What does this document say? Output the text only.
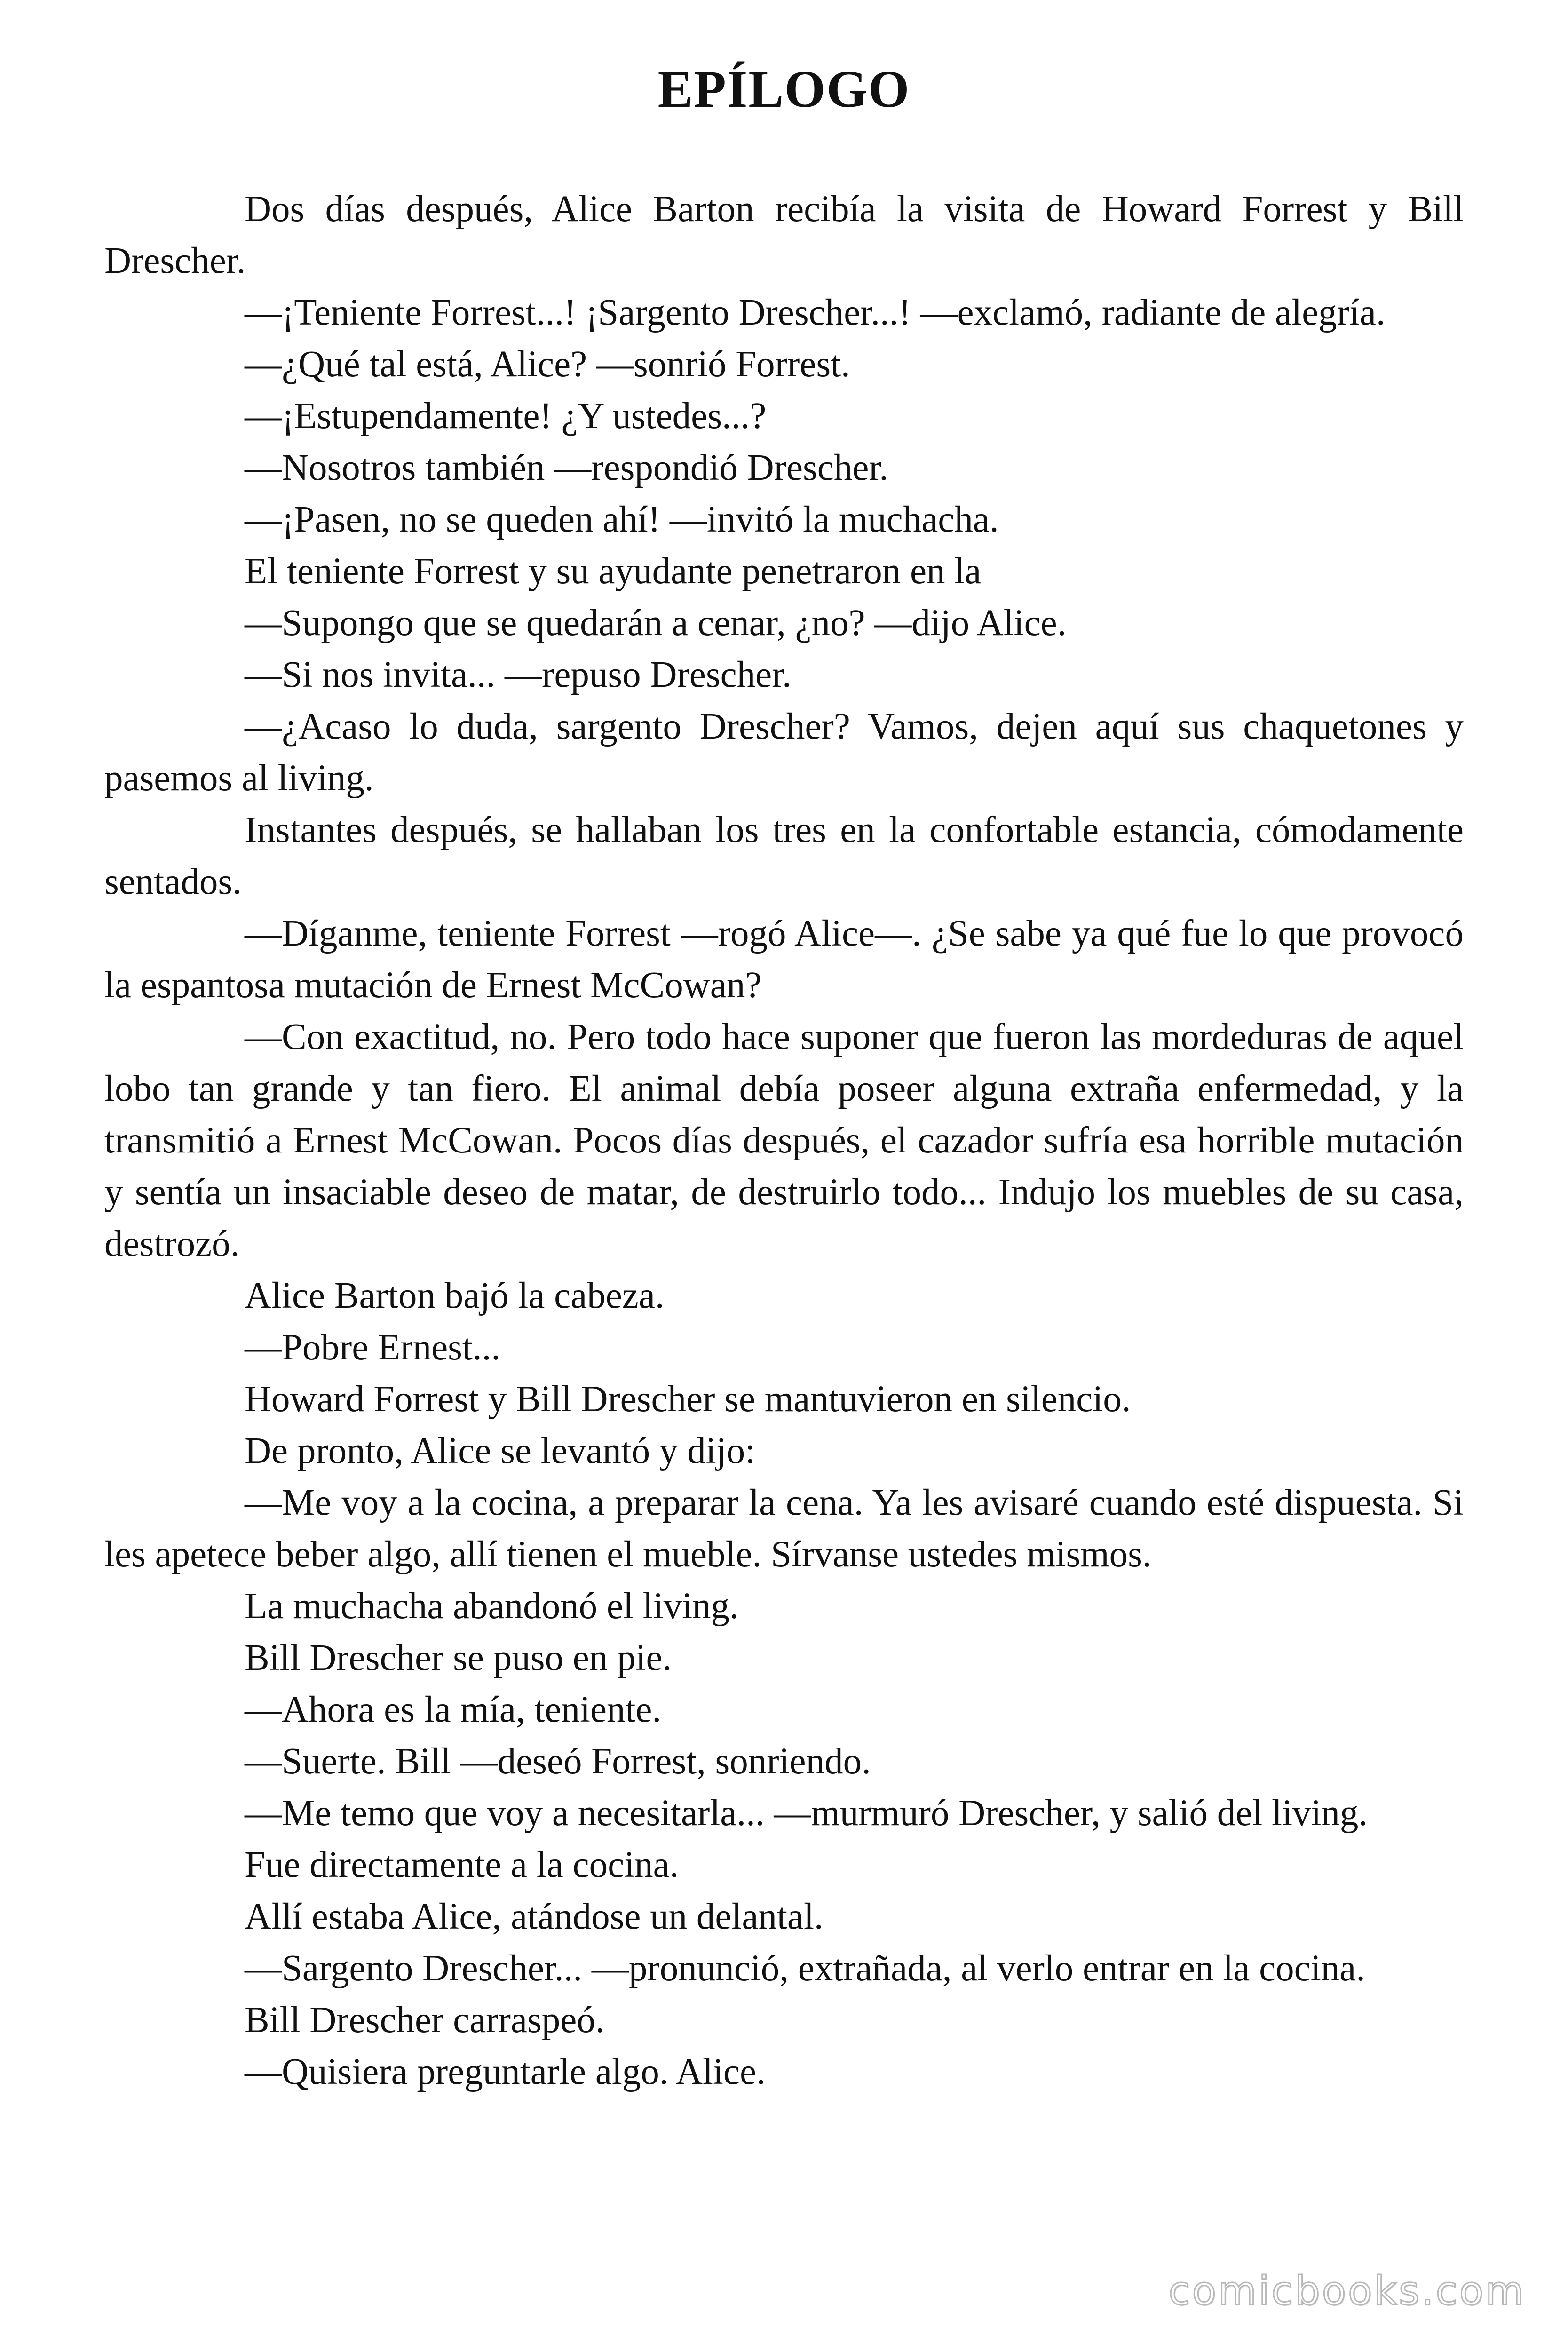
EPÍLOGO

Dos días después, Alice Barton recibía la visita de Howard Forrest y Bill Drescher.

—¡Teniente Forrest...! ¡Sargento Drescher...! —exclamó, radiante de alegría.

—¿Qué tal está, Alice? —sonrió Forrest.

—¡Estupendamente! ¿Y ustedes...?

—Nosotros también —respondió Drescher.

—¡Pasen, no se queden ahí! —invitó la muchacha.

El teniente Forrest y su ayudante penetraron en la

—Supongo que se quedarán a cenar, ¿no? —dijo Alice.

—Si nos invita... —repuso Drescher.

—¿Acaso lo duda, sargento Drescher? Vamos, dejen aquí sus chaquetones y pasemos al living.

Instantes después, se hallaban los tres en la confortable estancia, cómodamente sentados.

—Díganme, teniente Forrest —rogó Alice—. ¿Se sabe ya qué fue lo que provocó la espantosa mutación de Ernest McCowan?

—Con exactitud, no. Pero todo hace suponer que fueron las mordeduras de aquel lobo tan grande y tan fiero. El animal debía poseer alguna extraña enfermedad, y la transmitió a Ernest McCowan. Pocos días después, el cazador sufría esa horrible mutación y sentía un insaciable deseo de matar, de destruirlo todo... Indujo los muebles de su casa, destrozó.

Alice Barton bajó la cabeza.

—Pobre Ernest...

Howard Forrest y Bill Drescher se mantuvieron en silencio.

De pronto, Alice se levantó y dijo:

—Me voy a la cocina, a preparar la cena. Ya les avisaré cuando esté dispuesta. Si les apetece beber algo, allí tienen el mueble. Sírvanse ustedes mismos.

La muchacha abandonó el living.

Bill Drescher se puso en pie.

—Ahora es la mía, teniente.

—Suerte. Bill —deseó Forrest, sonriendo.

—Me temo que voy a necesitarla... —murmuró Drescher, y salió del living.

Fue directamente a la cocina.

Allí estaba Alice, atándose un delantal.

—Sargento Drescher... —pronunció, extrañada, al verlo entrar en la cocina.

Bill Drescher carraspeó.

—Quisiera preguntarle algo. Alice.

comicbooks.com
